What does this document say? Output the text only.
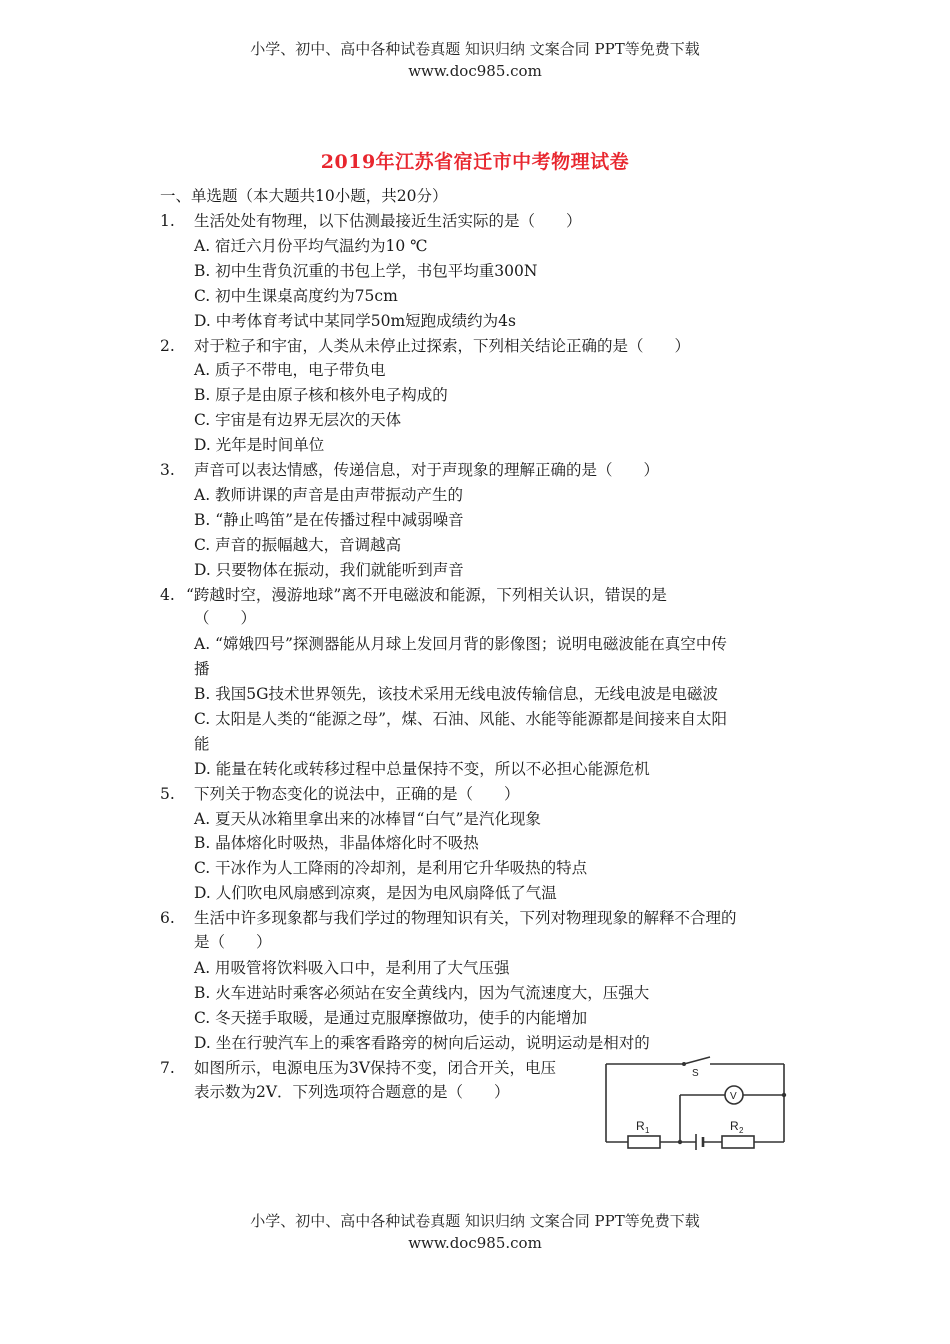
小学、初中、高中各种试卷真题 知识归纳 文案合同 PPT等免费下载
www.doc985.com
2019年江苏省宿迁市中考物理试卷
一、单选题（本大题共10小题，共20分）
1. 生活处处有物理，以下估测最接近生活实际的是（　　）
A. 宿迁六月份平均气温约为10 ℃
B. 初中生背负沉重的书包上学，书包平均重300N
C. 初中生课桌高度约为75cm
D. 中考体育考试中某同学50m短跑成绩约为4s
2. 对于粒子和宇宙，人类从未停止过探索，下列相关结论正确的是（　　）
A. 质子不带电，电子带负电
B. 原子是由原子核和核外电子构成的
C. 宇宙是有边界无层次的天体
D. 光年是时间单位
3. 声音可以表达情感，传递信息，对于声现象的理解正确的是（　　）
A. 教师讲课的声音是由声带振动产生的
B. “静止鸣笛”是在传播过程中减弱噪音
C. 声音的振幅越大，音调越高
D. 只要物体在振动，我们就能听到声音
4. “跨越时空，漫游地球”离不开电磁波和能源，下列相关认识，错误的是
（　　）
A. “嫦娥四号”探测器能从月球上发回月背的影像图；说明电磁波能在真空中传
播
B. 我国5G技术世界领先，该技术采用无线电波传输信息，无线电波是电磁波
C. 太阳是人类的“能源之母”，煤、石油、风能、水能等能源都是间接来自太阳
能
D. 能量在转化或转移过程中总量保持不变，所以不必担心能源危机
5. 下列关于物态变化的说法中，正确的是（　　）
A. 夏天从冰箱里拿出来的冰棒冒“白气”是汽化现象
B. 晶体熔化时吸热，非晶体熔化时不吸热
C. 干冰作为人工降雨的冷却剂，是利用它升华吸热的特点
D. 人们吹电风扇感到凉爽，是因为电风扇降低了气温
6. 生活中许多现象都与我们学过的物理知识有关，下列对物理现象的解释不合理的
是（　　）
A. 用吸管将饮料吸入口中，是利用了大气压强
B. 火车进站时乘客必须站在安全黄线内，因为气流速度大，压强大
C. 冬天搓手取暖，是通过克服摩擦做功，使手的内能增加
D. 坐在行驶汽车上的乘客看路旁的树向后运动，说明运动是相对的
7. 如图所示，电源电压为3V保持不变，闭合开关，电压
表示数为2V．下列选项符合题意的是（　　）
S
V
R 1	R 2
小学、初中、高中各种试卷真题 知识归纳 文案合同 PPT等免费下载
www.doc985.com
